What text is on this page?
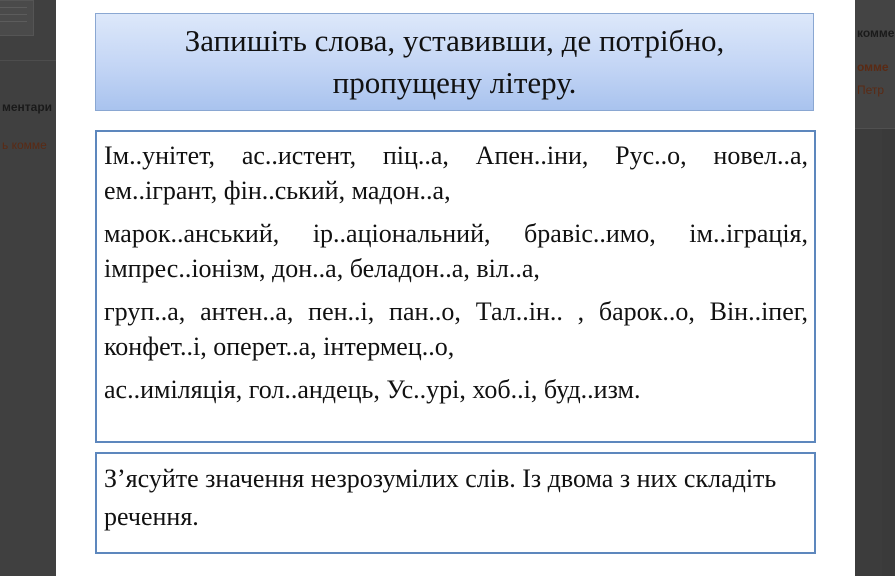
ментари
ь комме
комме
омме
Петр
Запишіть слова, уставивши, де потрібно, пропущену літеру.

Ім..унітет, ас..истент, піц..а, Апен..іни, Рус..о, новел..а, ем..ігрант, фін..ський, мадон..а,

марок..анський, ір..аціональний, бравіс..имо, ім..іграція, імпрес..іонізм, дон..а, беладон..а, віл..а,

груп..а, антен..а, пен..і, пан..о, Тал..ін.. , барок..о, Він..іпег, конфет..і, оперет..а, інтермец..о,

ас..иміляція, гол..андець, Ус..урі, хоб..і, буд..изм.

З’ясуйте значення незрозумілих слів. Із двома з них складіть речення.
